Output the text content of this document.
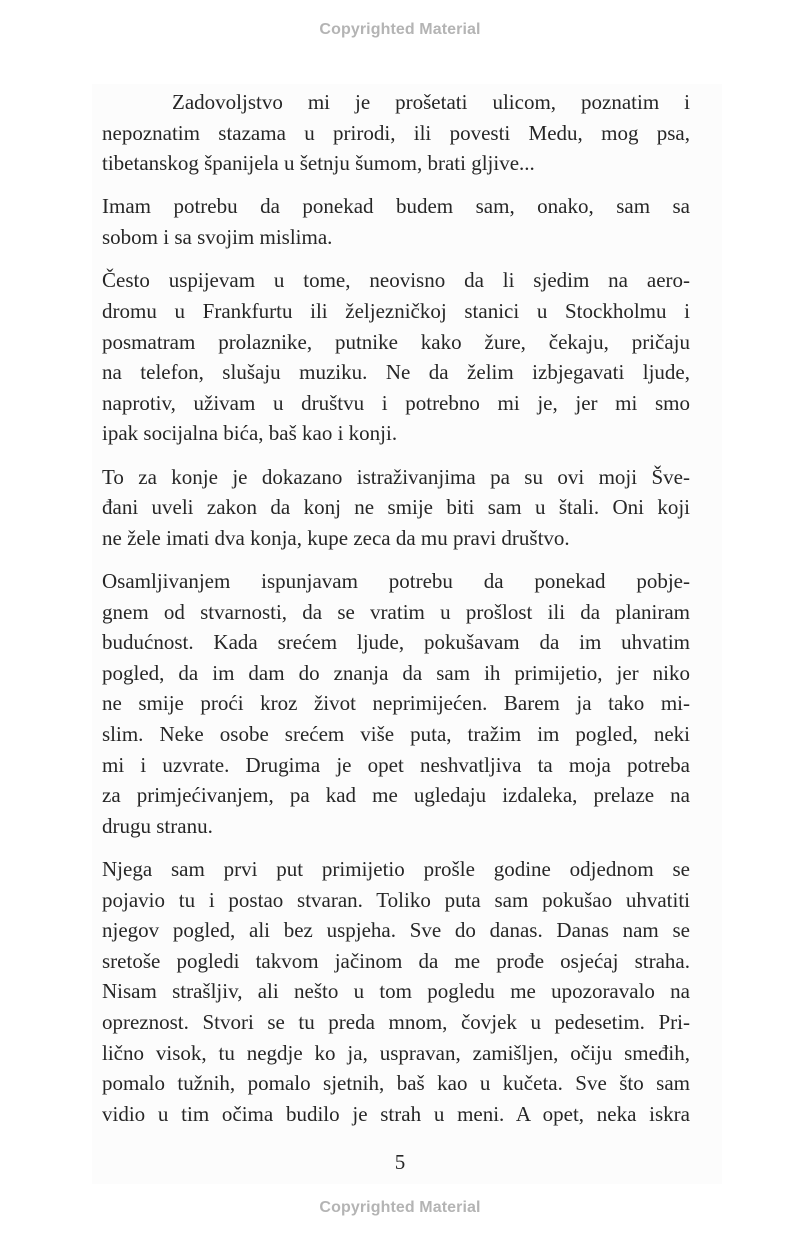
Copyrighted Material

Zadovoljstvo mi je prošetati ulicom, poznatim i
nepoznatim stazama u prirodi, ili povesti Medu, mog psa,
tibetanskog španijela u šetnju šumom, brati gljive...

Imam potrebu da ponekad budem sam, onako, sam sa
sobom i sa svojim mislima.

Često uspijevam u tome, neovisno da li sjedim na aero-
dromu u Frankfurtu ili željezničkoj stanici u Stockholmu i
posmatram prolaznike, putnike kako žure, čekaju, pričaju
na telefon, slušaju muziku. Ne da želim izbjegavati ljude,
naprotiv, uživam u društvu i potrebno mi je, jer mi smo
ipak socijalna bića, baš kao i konji.

To za konje je dokazano istraživanjima pa su ovi moji Šve-
đani uveli zakon da konj ne smije biti sam u štali. Oni koji
ne žele imati dva konja, kupe zeca da mu pravi društvo.

Osamljivanjem ispunjavam potrebu da ponekad pobje-
gnem od stvarnosti, da se vratim u prošlost ili da planiram
budućnost. Kada srećem ljude, pokušavam da im uhvatim
pogled, da im dam do znanja da sam ih primijetio, jer niko
ne smije proći kroz život neprimijećen. Barem ja tako mi-
slim. Neke osobe srećem više puta, tražim im pogled, neki
mi i uzvrate. Drugima je opet neshvatljiva ta moja potreba
za primjećivanjem, pa kad me ugledaju izdaleka, prelaze na
drugu stranu.

Njega sam prvi put primijetio prošle godine odjednom se
pojavio tu i postao stvaran. Toliko puta sam pokušao uhvatiti
njegov pogled, ali bez uspjeha. Sve do danas. Danas nam se
sretoše pogledi takvom jačinom da me prođe osjećaj straha.
Nisam strašljiv, ali nešto u tom pogledu me upozoravalo na
opreznost. Stvori se tu preda mnom, čovjek u pedesetim. Pri-
lično visok, tu negdje ko ja, uspravan, zamišljen, očiju smeđih,
pomalo tužnih, pomalo sjetnih, baš kao u kučeta. Sve što sam
vidio u tim očima budilo je strah u meni. A opet, neka iskra

5
Copyrighted Material
